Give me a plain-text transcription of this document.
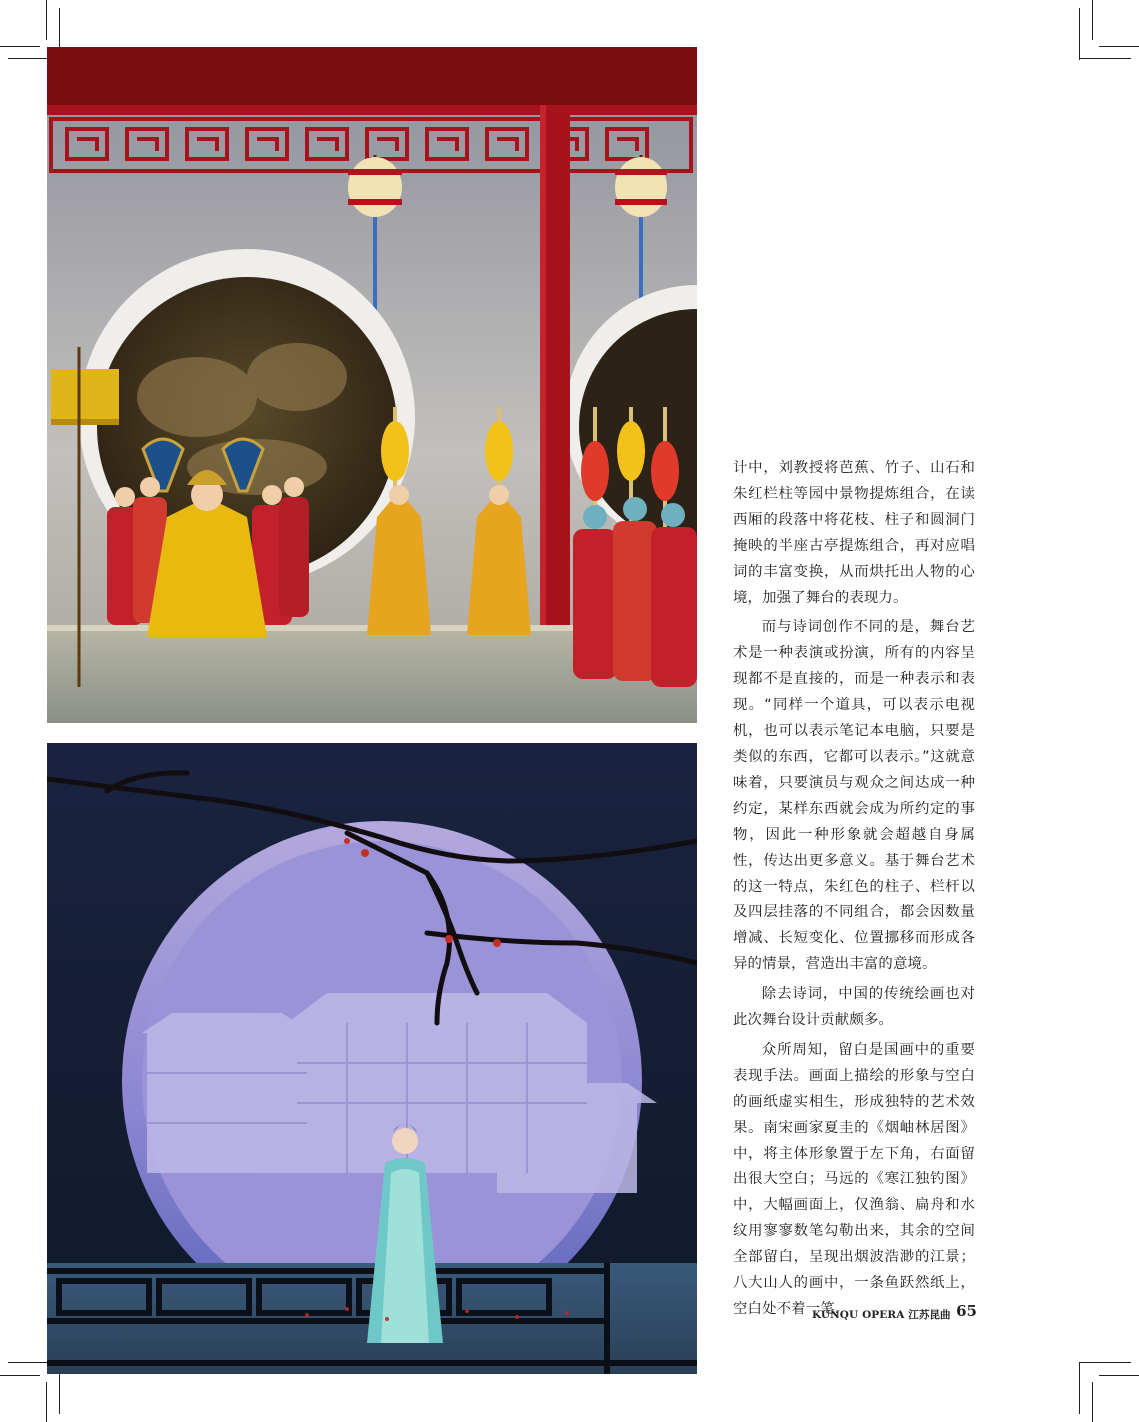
计中，刘教授将芭蕉、竹子、山石和朱红栏柱等园中景物提炼组合，在读西厢的段落中将花枝、柱子和圆洞门掩映的半座古亭提炼组合，再对应唱词的丰富变换，从而烘托出人物的心境，加强了舞台的表现力。

而与诗词创作不同的是，舞台艺术是一种表演或扮演，所有的内容呈现都不是直接的，而是一种表示和表现。“同样一个道具，可以表示电视机，也可以表示笔记本电脑，只要是类似的东西，它都可以表示。”这就意味着，只要演员与观众之间达成一种约定，某样东西就会成为所约定的事物，因此一种形象就会超越自身属性，传达出更多意义。基于舞台艺术的这一特点，朱红色的柱子、栏杆以及四层挂落的不同组合，都会因数量增减、长短变化、位置挪移而形成各异的情景，营造出丰富的意境。

除去诗词，中国的传统绘画也对此次舞台设计贡献颇多。

众所周知，留白是国画中的重要表现手法。画面上描绘的形象与空白的画纸虚实相生，形成独特的艺术效果。南宋画家夏圭的《烟岫林居图》中，将主体形象置于左下角，右面留出很大空白；马远的《寒江独钓图》中，大幅画面上，仅渔翁、扁舟和水纹用寥寥数笔勾勒出来，其余的空间全部留白，呈现出烟波浩渺的江景；八大山人的画中，一条鱼跃然纸上，空白处不着一笔，

KUNQU OPERA 江苏昆曲 65
